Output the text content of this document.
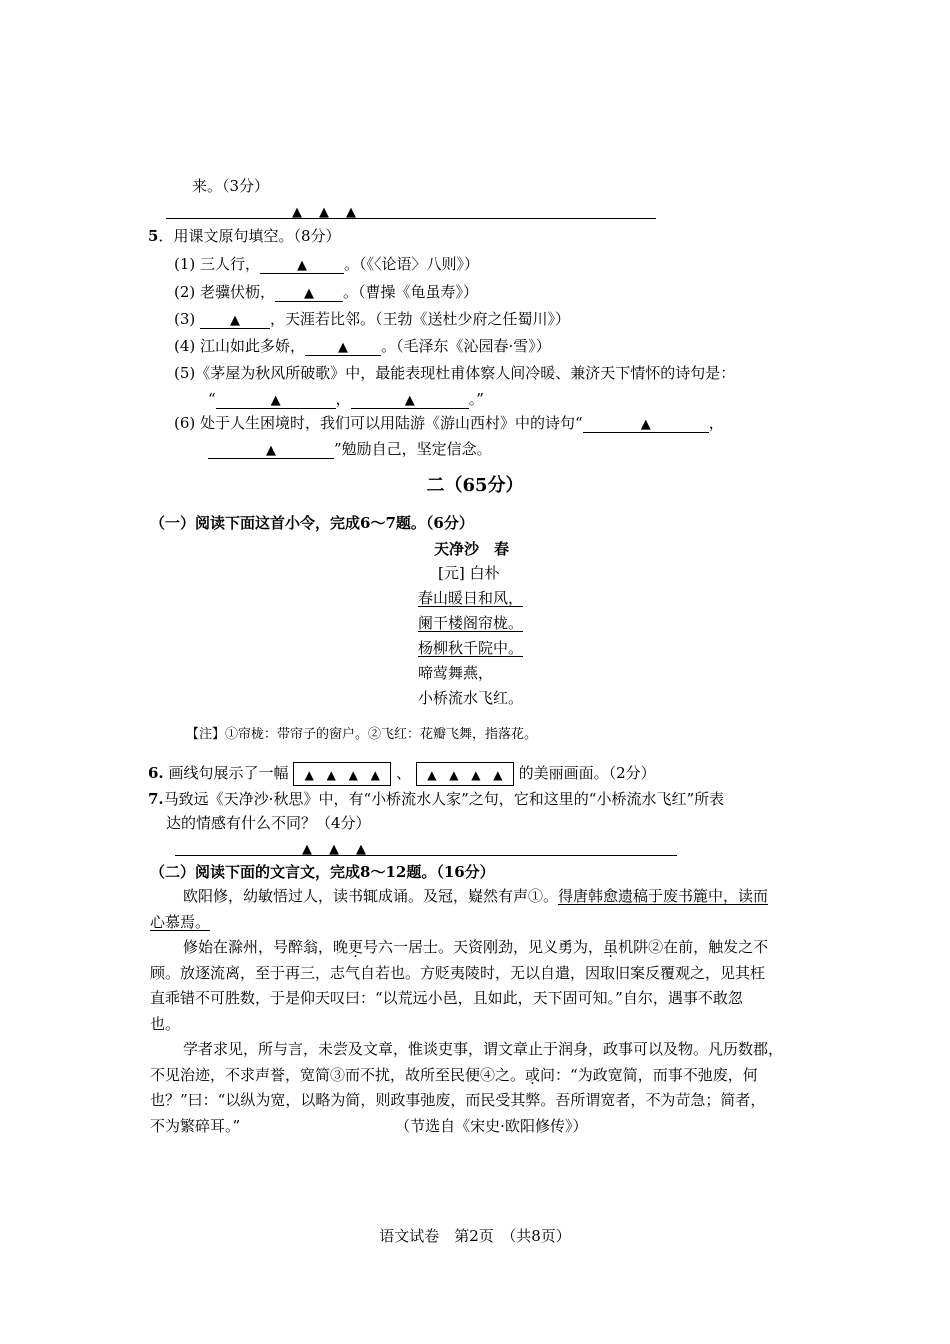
来。（3分）
▲　▲　▲
5．用课文原句填空。（8分）
(1) 三人行，	▲ 。（《〈论语〉八则》）
(2) 老骥伏枥， ▲ 。（曹操《龟虽寿》）
(3) ▲ ，天涯若比邻。（王勃《送杜少府之任蜀川》）
(4) 江山如此多娇，	▲ 。（毛泽东《沁园春·雪》）
(5)《茅屋为秋风所破歌》中，最能表现杜甫体察人间冷暖、兼济天下情怀的诗句是：
“	▲	，	▲	。”
(6) 处于人生困境时，我们可以用陆游《游山西村》中的诗句“	▲	，
▲	”勉励自己，坚定信念。
二（65分）
（一）阅读下面这首小令，完成6～7题。（6分）
天净沙　春
[元] 白朴
春山暖日和风，
阑干楼阁帘栊。
杨柳秋千院中。
啼莺舞燕，
小桥流水飞红。
【注】①帘栊：带帘子的窗户。②飞红：花瓣飞舞，指落花。
6. 画线句展示了一幅 ▲ ▲ ▲ ▲ 、 ▲ ▲ ▲ ▲ 的美丽画面。（2分）
7.马致远《天净沙·秋思》中，有“小桥流水人家”之句，它和这里的“小桥流水飞红”所表
达的情感有什么不同？（4分）
▲　▲　▲
（二）阅读下面的文言文，完成8～12题。（16分）
欧阳修，幼敏悟过人，读书辄成诵。及冠，嶷然有声①。得唐韩愈遗稿于废书簏中，读而
心慕焉。
修始在滁州，号醉翁，晚更号六一居士。天资刚劲，见义勇为，虽机阱②在前，触发之不
顾。放逐流离，至于再三，志气自若也。方贬夷陵时，无以自遣，因取旧案反覆观之，见其枉
直乖错不可胜数，于是仰天叹曰：“以荒远小邑，且如此，天下固可知。”自尔，遇事不敢忽
也。
学者求见，所与言，未尝及文章，惟谈吏事，谓文章止于润身，政事可以及物。凡历数郡，
不见治迹，不求声誉，宽简③而不扰，故所至民便④之。或问：“为政宽简，而事不弛废，何
也？”曰：“以纵为宽，以略为简，则政事弛废，而民受其弊。吾所谓宽者，不为苛急；简者，
不为繁碎耳。”	（节选自《宋史·欧阳修传》）
语文试卷　第2页　（共8页）
